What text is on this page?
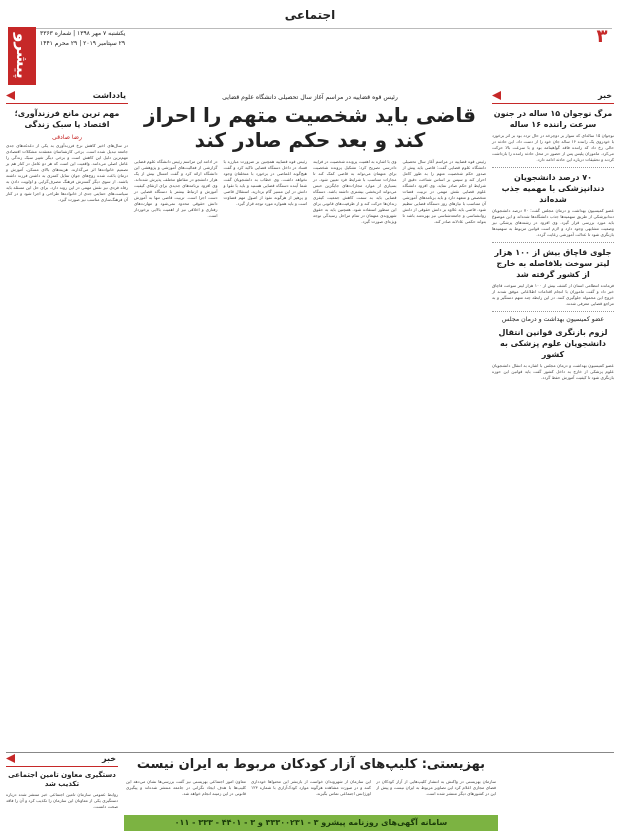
اجتماعی
۳
پیشرو	یکشنبه ۷ مهر ۱۳۹۸ | شماره ۳۳۶۳
۲۹ سپتامبر ۲۰۱۹ | ۲۹ محرم ۱۴۴۱
خبر
مرگ نوجوان ۱۵ ساله در جنون سرعت راننده ۱۶ ساله
نوجوان ۱۵ ساله‌ای که سوار بر دوچرخه در حال تردد بود بر اثر برخورد با خودروی یک راننده ۱۶ ساله جان خود را از دست داد. این حادثه در حالی رخ داد که راننده فاقد گواهینامه بود و با سرعت بالا حرکت می‌کرد. ماموران پلیس پس از حضور در محل حادثه راننده را بازداشت کردند و تحقیقات درباره این حادثه ادامه دارد.
۷۰ درصد دانشجویان دندانپزشکی با مهمیه جذب شده‌اند
عضو کمیسیون بهداشت و درمان مجلس گفت: ۷۰ درصد دانشجویان دندانپزشکی از طریق سهمیه‌ها جذب دانشگاه‌ها شده‌اند و این موضوع باید مورد بررسی قرار گیرد. وی افزود در رشته‌های پزشکی نیز وضعیت مشابهی وجود دارد و لازم است قوانین مربوط به سهمیه‌ها بازنگری شود تا عدالت آموزشی رعایت گردد.
جلوی قاچاق بیش از ۱۰۰ هزار لیتر سوخت بلافاصله به خارج از کشور گرفته شد
فرمانده انتظامی استان از کشف بیش از ۱۰۰ هزار لیتر سوخت قاچاق خبر داد و گفت ماموران با انجام اقدامات اطلاعاتی موفق شدند از خروج این محموله جلوگیری کنند. در این رابطه چند متهم دستگیر و به مراجع قضایی معرفی شدند.
عضو کمیسیون بهداشت و درمان مجلس
لزوم بازنگری قوانین انتقال دانشجویان علوم پزشکی به کشور
عضو کمیسیون بهداشت و درمان مجلس با اشاره به انتقال دانشجویان علوم پزشکی از خارج به داخل کشور گفت باید قوانین این حوزه بازنگری شود تا کیفیت آموزش حفظ گردد.
رئیس قوه قضاییه در مراسم آغاز سال تحصیلی دانشگاه علوم قضایی
قاضی باید شخصیت متهم را احراز کند و بعد حکم صادر کند
رئیس قوه قضاییه در مراسم آغاز سال تحصیلی دانشگاه علوم قضایی گفت: قاضی باید پیش از صدور حکم شخصیت متهم را به طور کامل احراز کند و سپس بر اساس شناخت دقیق از شرایط او حکم صادر نماید. وی افزود دانشگاه علوم قضایی نقش مهمی در تربیت قضات متخصص و متعهد دارد و باید برنامه‌های آموزشی آن متناسب با نیازهای روز دستگاه قضایی تنظیم شود. قاضی باید علاوه بر دانش حقوقی از دانش روانشناسی و جامعه‌شناسی نیز بهره‌مند باشد تا بتواند حکمی عادلانه صادر کند.
وی با اشاره به اهمیت پرونده شخصیت در فرایند دادرسی تصریح کرد: تشکیل پرونده شخصیت برای متهمان می‌تواند به قاضی کمک کند تا مجازات متناسب با شرایط فرد تعیین شود. در بسیاری از موارد مجازات‌های جایگزین حبس می‌تواند اثربخشی بیشتری داشته باشد. دستگاه قضایی باید به سمت کاهش جمعیت کیفری زندان‌ها حرکت کند و از ظرفیت‌های قانونی برای این منظور استفاده شود. همچنین باید به حقوق شهروندی متهمان در تمام مراحل رسیدگی توجه ویژه‌ای صورت گیرد.
رئیس قوه قضاییه همچنین بر ضرورت مبارزه با فساد در داخل دستگاه قضایی تاکید کرد و گفت هیچ‌گونه اغماضی در برخورد با متخلفان وجود نخواهد داشت. وی خطاب به دانشجویان گفت شما آینده دستگاه قضایی هستید و باید با تقوا و دانش در این مسیر گام بردارید. استقلال قاضی و پرهیز از هرگونه نفوذ از اصول مهم قضاوت است و باید همواره مورد توجه قرار گیرد.
در ادامه این مراسم رئیس دانشگاه علوم قضایی گزارشی از فعالیت‌های آموزشی و پژوهشی این دانشگاه ارائه کرد و گفت امسال بیش از یک هزار دانشجو در مقاطع مختلف پذیرش شده‌اند. وی افزود برنامه‌های جدیدی برای ارتقای کیفیت آموزش و ارتباط بیشتر با دستگاه قضایی در دست اجرا است. تربیت قاضی تنها به آموزش دانش حقوقی محدود نمی‌شود و مهارت‌های رفتاری و اخلاقی نیز از اهمیت بالایی برخوردار است.
یادداشت
مهم ترین مانع فرزندآوری؛ اقتصاد یا سبک زندگی
رضا صادقی
در سال‌های اخیر کاهش نرخ فرزندآوری به یکی از دغدغه‌های جدی جامعه تبدیل شده است. برخی کارشناسان معتقدند مشکلات اقتصادی مهم‌ترین دلیل این کاهش است و برخی دیگر تغییر سبک زندگی را عامل اصلی می‌دانند. واقعیت این است که هر دو عامل در کنار هم بر تصمیم خانواده‌ها اثر می‌گذارند. هزینه‌های بالای مسکن، آموزش و درمان باعث شده زوج‌های جوان تمایل کمتری به داشتن فرزند داشته باشند. از سوی دیگر گسترش فرهنگ مصرف‌گرایی و اولویت دادن به رفاه فردی نیز نقش مهمی در این روند دارد. برای حل این مسئله باید سیاست‌های حمایتی جدی از خانواده‌ها طراحی و اجرا شود و در کنار آن فرهنگ‌سازی مناسب نیز صورت گیرد.
بهزیستی: کلیپ‌های آزار کودکان مربوط به ایران نیست
سازمان بهزیستی در واکنش به انتشار کلیپ‌هایی از آزار کودکان در فضای مجازی اعلام کرد این تصاویر مربوط به ایران نیست و پیش از این در کشورهای دیگر منتشر شده است.
این سازمان از شهروندان خواست از بازنشر این محتواها خودداری کنند و در صورت مشاهده هرگونه موارد کودک‌آزاری با شماره ۱۲۳ اورژانس اجتماعی تماس بگیرند.
معاون امور اجتماعی بهزیستی نیز گفت بررسی‌ها نشان می‌دهد این کلیپ‌ها با هدف ایجاد نگرانی در جامعه منتشر شده‌اند و پیگیری قانونی در این زمینه انجام خواهد شد.
سامانه آگهی‌های روزنامه پیشرو ۳ - ۳۳۳۰۰۲۳۱ و ۳ - ۴۴۰۱ - ۳۳۳ - ۰۱۱
خبر
دستگیری معاون تامین اجتماعی تکذیب شد
روابط عمومی سازمان تامین اجتماعی خبر منتشر شده درباره دستگیری یکی از معاونان این سازمان را تکذیب کرد و آن را فاقد صحت دانست.
